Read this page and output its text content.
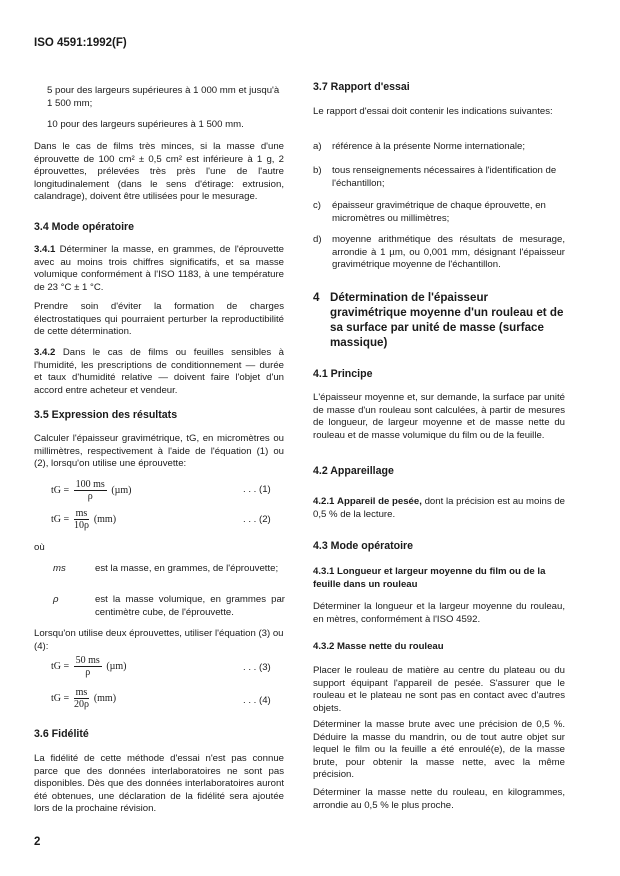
ISO 4591:1992(F)

5 pour des largeurs supérieures à 1 000 mm et jusqu'à 1 500 mm;

10 pour des largeurs supérieures à 1 500 mm.

Dans le cas de films très minces, si la masse d'une éprouvette de 100 cm² ± 0,5 cm² est inférieure à 1 g, 2 éprouvettes, prélevées très près l'une de l'autre longitudinalement (dans le sens d'étirage: extrusion, calandrage), doivent être utilisées pour le mesurage.

3.4 Mode opératoire

3.4.1 Déterminer la masse, en grammes, de l'éprouvette avec au moins trois chiffres significatifs, et sa masse volumique conformément à l'ISO 1183, à une température de 23 °C ± 1 °C.

Prendre soin d'éviter la formation de charges électrostatiques qui pourraient perturber la reproductibilité de cette détermination.

3.4.2 Dans le cas de films ou feuilles sensibles à l'humidité, les prescriptions de conditionnement — durée et taux d'humidité relative — doivent faire l'objet d'un accord entre acheteur et vendeur.

3.5 Expression des résultats

Calculer l'épaisseur gravimétrique, tG, en micromètres ou millimètres, respectivement à l'aide de l'équation (1) ou (2), lorsqu'on utilise une éprouvette:

tG = $\frac{100 ms}{\rho} (\mu m)$	. . . (1)
tG = $\frac{ms}{10\rho} (mm)$	. . . (2)

où

ms	est la masse, en grammes, de l'éprouvette;

ρ	est la masse volumique, en grammes par centimètre cube, de l'éprouvette.

Lorsqu'on utilise deux éprouvettes, utiliser l'équation (3) ou (4):

tG = $\frac{50 ms}{\rho} (\mu m)$	. . . (3)
tG = $\frac{ms}{20\rho} (mm)$	. . . (4)

3.6 Fidélité

La fidélité de cette méthode d'essai n'est pas connue parce que des données interlaboratoires ne sont pas disponibles. Dès que des données interlaboratoires auront été obtenues, une déclaration de la fidélité sera ajoutée lors de la prochaine révision.

3.7 Rapport d'essai

Le rapport d'essai doit contenir les indications suivantes:

a) référence à la présente Norme internationale;
b) tous renseignements nécessaires à l'identification de l'échantillon;
c) épaisseur gravimétrique de chaque éprouvette, en micromètres ou millimètres;
d) moyenne arithmétique des résultats de mesurage, arrondie à 1 µm, ou 0,001 mm, désignant l'épaisseur gravimétrique moyenne de l'échantillon.
4 Détermination de l'épaisseur gravimétrique moyenne d'un rouleau et de sa surface par unité de masse (surface massique)

4.1 Principe

L'épaisseur moyenne et, sur demande, la surface par unité de masse d'un rouleau sont calculées, à partir de mesures de longueur, de largeur moyenne et de masse nette du rouleau et de masse volumique du film ou de la feuille.

4.2 Appareillage

4.2.1 Appareil de pesée, dont la précision est au moins de 0,5 % de la lecture.

4.3 Mode opératoire

4.3.1 Longueur et largeur moyenne du film ou de la feuille dans un rouleau

Déterminer la longueur et la largeur moyenne du rouleau, en mètres, conformément à l'ISO 4592.

4.3.2 Masse nette du rouleau

Placer le rouleau de matière au centre du plateau ou du support équipant l'appareil de pesée. S'assurer que le rouleau et le plateau ne sont pas en contact avec d'autres objets.

Déterminer la masse brute avec une précision de 0,5 %. Déduire la masse du mandrin, ou de tout autre objet sur lequel le film ou la feuille a été enroulé(e), de la masse brute, pour obtenir la masse nette, avec la même précision.

Déterminer la masse nette du rouleau, en kilogrammes, arrondie au 0,5 % le plus proche.

2
